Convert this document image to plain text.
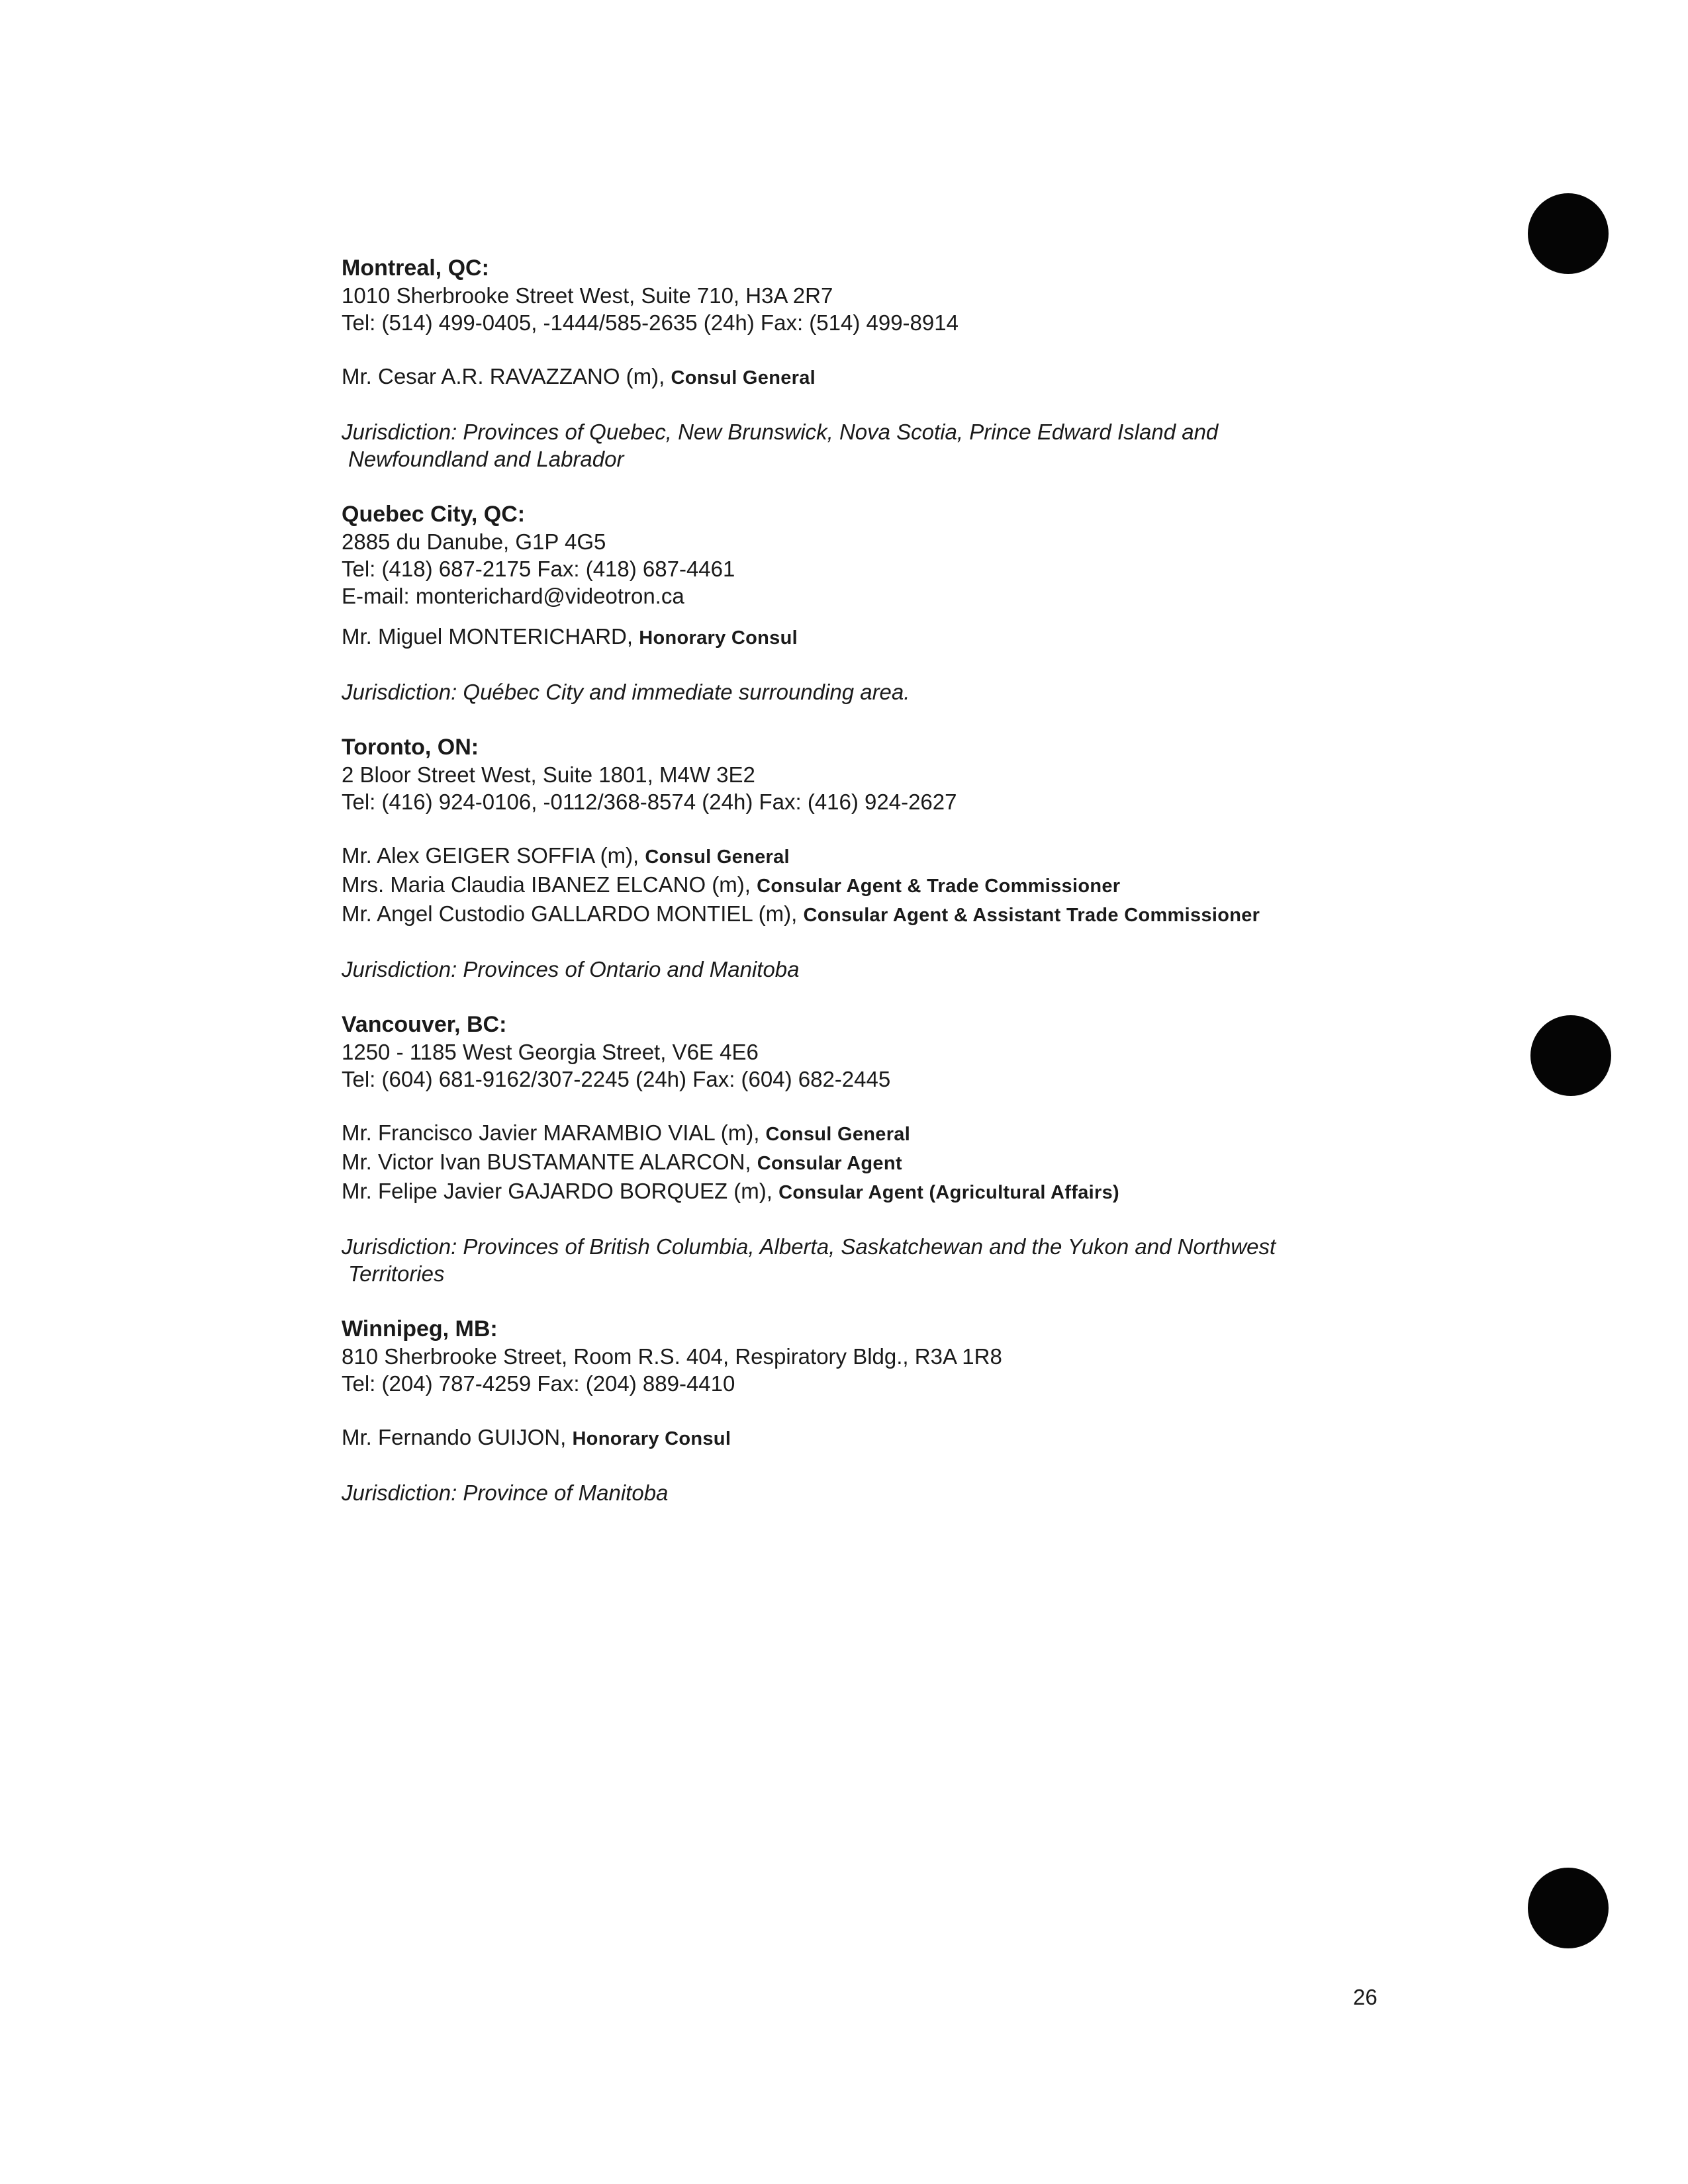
Montreal, QC:
1010 Sherbrooke Street West, Suite 710, H3A 2R7
Tel: (514) 499-0405, -1444/585-2635 (24h) Fax: (514) 499-8914
Mr. Cesar A.R. RAVAZZANO (m), Consul General
Jurisdiction: Provinces of Quebec, New Brunswick, Nova Scotia, Prince Edward Island and
Newfoundland and Labrador
Quebec City, QC:
2885 du Danube, G1P 4G5
Tel: (418) 687-2175 Fax: (418) 687-4461
E-mail: monterichard@videotron.ca
Mr. Miguel MONTERICHARD, Honorary Consul
Jurisdiction: Québec City and immediate surrounding area.
Toronto, ON:
2 Bloor Street West, Suite 1801, M4W 3E2
Tel: (416) 924-0106, -0112/368-8574 (24h) Fax: (416) 924-2627
Mr. Alex GEIGER SOFFIA (m), Consul General
Mrs. Maria Claudia IBANEZ ELCANO (m), Consular Agent & Trade Commissioner
Mr. Angel Custodio GALLARDO MONTIEL (m), Consular Agent & Assistant Trade Commissioner
Jurisdiction: Provinces of Ontario and Manitoba
Vancouver, BC:
1250 - 1185 West Georgia Street, V6E 4E6
Tel: (604) 681-9162/307-2245 (24h) Fax: (604) 682-2445
Mr. Francisco Javier MARAMBIO VIAL (m), Consul General
Mr. Victor Ivan BUSTAMANTE ALARCON, Consular Agent
Mr. Felipe Javier GAJARDO BORQUEZ (m), Consular Agent (Agricultural Affairs)
Jurisdiction: Provinces of British Columbia, Alberta, Saskatchewan and the Yukon and Northwest
Territories
Winnipeg, MB:
810 Sherbrooke Street, Room R.S. 404, Respiratory Bldg., R3A 1R8
Tel: (204) 787-4259 Fax: (204) 889-4410
Mr. Fernando GUIJON, Honorary Consul
Jurisdiction: Province of Manitoba
26
